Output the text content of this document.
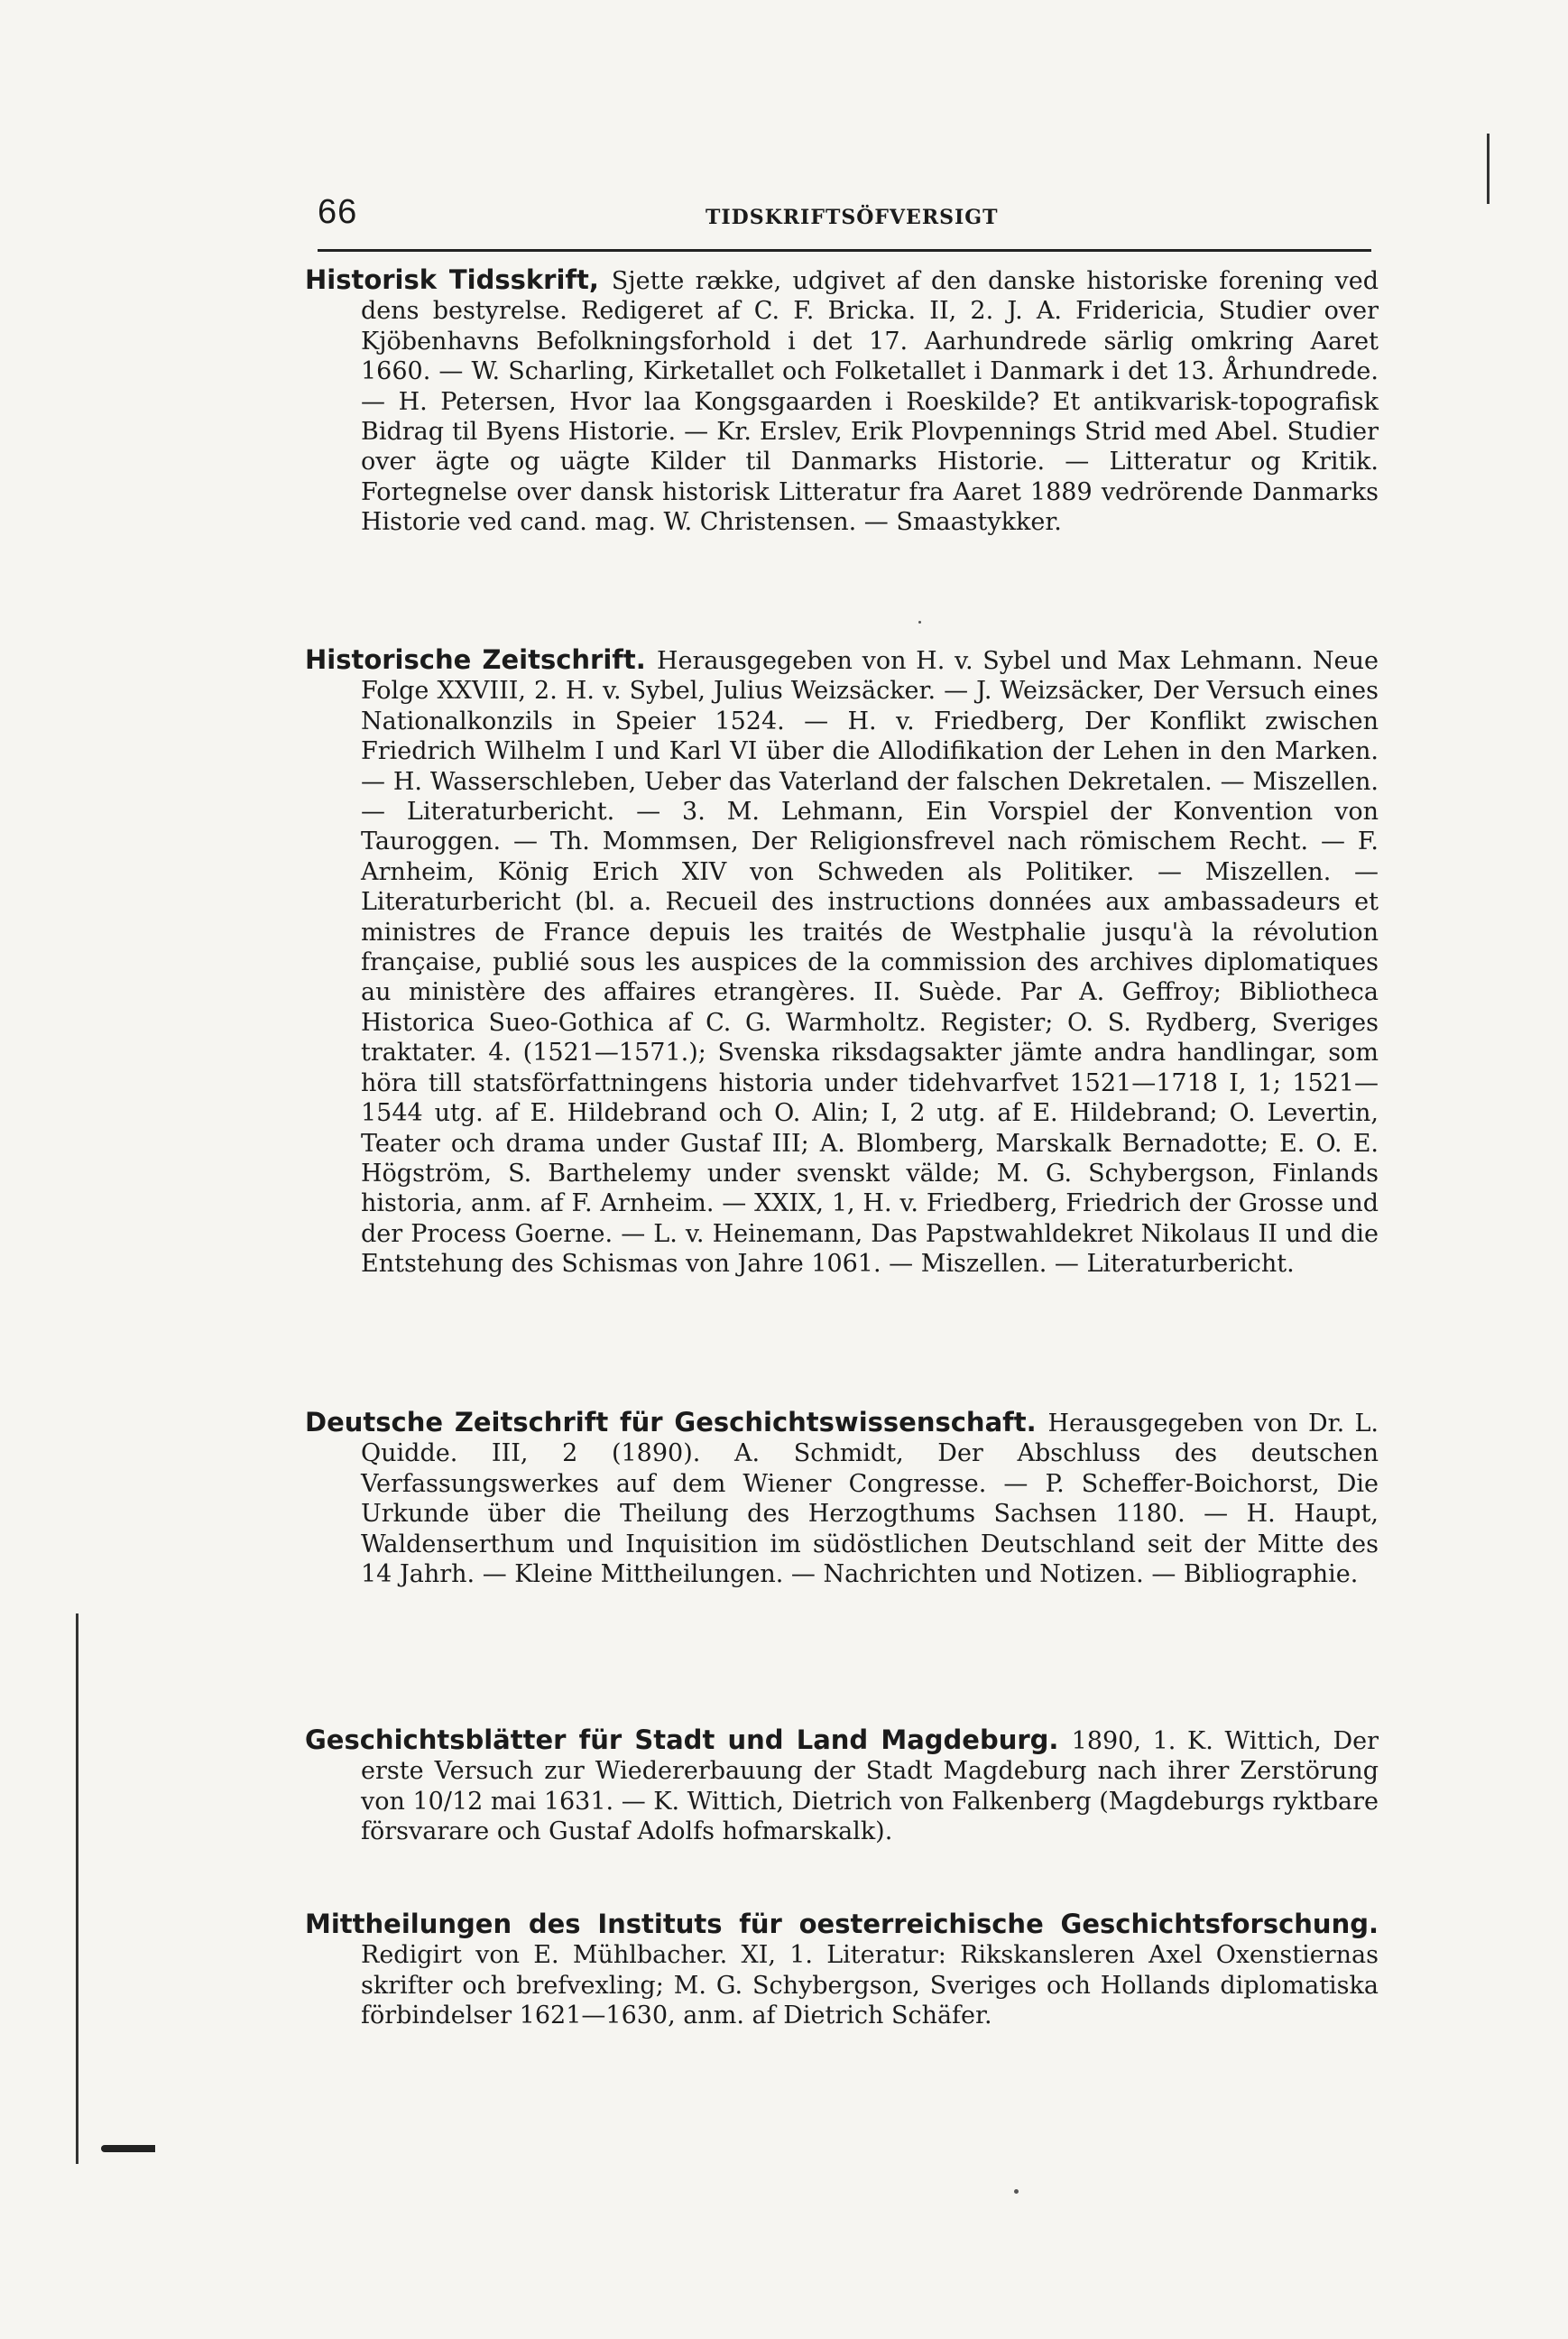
66	TIDSKRIFTSÖFVERSIGT
Historisk Tidsskrift, Sjette række, udgivet af den danske historiske forening ved dens bestyrelse. Redigeret af C. F. Bricka. II, 2. J. A. Fridericia, Studier over Kjöbenhavns Befolkningsforhold i det 17. Aarhundrede särlig omkring Aaret 1660. — W. Scharling, Kirketallet och Folketallet i Danmark i det 13. Århundrede. — H. Petersen, Hvor laa Kongsgaarden i Roeskilde? Et antikvarisk-topografisk Bidrag til Byens Historie. — Kr. Erslev, Erik Plovpennings Strid med Abel. Studier over ägte og uägte Kilder til Danmarks Historie. — Litteratur og Kritik. Fortegnelse over dansk historisk Litteratur fra Aaret 1889 vedrörende Danmarks Historie ved cand. mag. W. Christensen. — Smaastykker.
Historische Zeitschrift. Herausgegeben von H. v. Sybel und Max Lehmann. Neue Folge XXVIII, 2. H. v. Sybel, Julius Weizsäcker. — J. Weizsäcker, Der Versuch eines Nationalkonzils in Speier 1524. — H. v. Friedberg, Der Konflikt zwischen Friedrich Wilhelm I und Karl VI über die Allodifikation der Lehen in den Marken. — H. Wasserschleben, Ueber das Vaterland der falschen Dekretalen. — Miszellen. — Literaturbericht. — 3. M. Lehmann, Ein Vorspiel der Konvention von Tauroggen. — Th. Mommsen, Der Religionsfrevel nach römischem Recht. — F. Arnheim, König Erich XIV von Schweden als Politiker. — Miszellen. — Literaturbericht (bl. a. Recueil des instructions données aux ambassadeurs et ministres de France depuis les traités de Westphalie jusqu'à la révolution française, publié sous les auspices de la commission des archives diplomatiques au ministère des affaires etrangères. II. Suède. Par A. Geffroy; Bibliotheca Historica Sueo-Gothica af C. G. Warmholtz. Register; O. S. Rydberg, Sveriges traktater. 4. (1521—1571.); Svenska riksdagsakter jämte andra handlingar, som höra till statsförfattningens historia under tidehvarfvet 1521—1718 I, 1; 1521—1544 utg. af E. Hildebrand och O. Alin; I, 2 utg. af E. Hildebrand; O. Levertin, Teater och drama under Gustaf III; A. Blomberg, Marskalk Bernadotte; E. O. E. Högström, S. Barthelemy under svenskt välde; M. G. Schybergson, Finlands historia, anm. af F. Arnheim. — XXIX, 1, H. v. Friedberg, Friedrich der Grosse und der Process Goerne. — L. v. Heinemann, Das Papstwahldekret Nikolaus II und die Entstehung des Schismas von Jahre 1061. — Miszellen. — Literaturbericht.
Deutsche Zeitschrift für Geschichtswissenschaft. Herausgegeben von Dr. L. Quidde. III, 2 (1890). A. Schmidt, Der Abschluss des deutschen Verfassungswerkes auf dem Wiener Congresse. — P. Scheffer-Boichorst, Die Urkunde über die Theilung des Herzogthums Sachsen 1180. — H. Haupt, Waldenserthum und Inquisition im südöstlichen Deutschland seit der Mitte des 14 Jahrh. — Kleine Mittheilungen. — Nachrichten und Notizen. — Bibliographie.
Geschichtsblätter für Stadt und Land Magdeburg. 1890, 1. K. Wittich, Der erste Versuch zur Wiedererbauung der Stadt Magdeburg nach ihrer Zerstörung von 10/12 mai 1631. — K. Wittich, Dietrich von Falkenberg (Magdeburgs ryktbare försvarare och Gustaf Adolfs hofmarskalk).
Mittheilungen des Instituts für oesterreichische Geschichtsforschung. Redigirt von E. Mühlbacher. XI, 1. Literatur: Rikskansleren Axel Oxenstiernas skrifter och brefvexling; M. G. Schybergson, Sveriges och Hollands diplomatiska förbindelser 1621—1630, anm. af Dietrich Schäfer.
